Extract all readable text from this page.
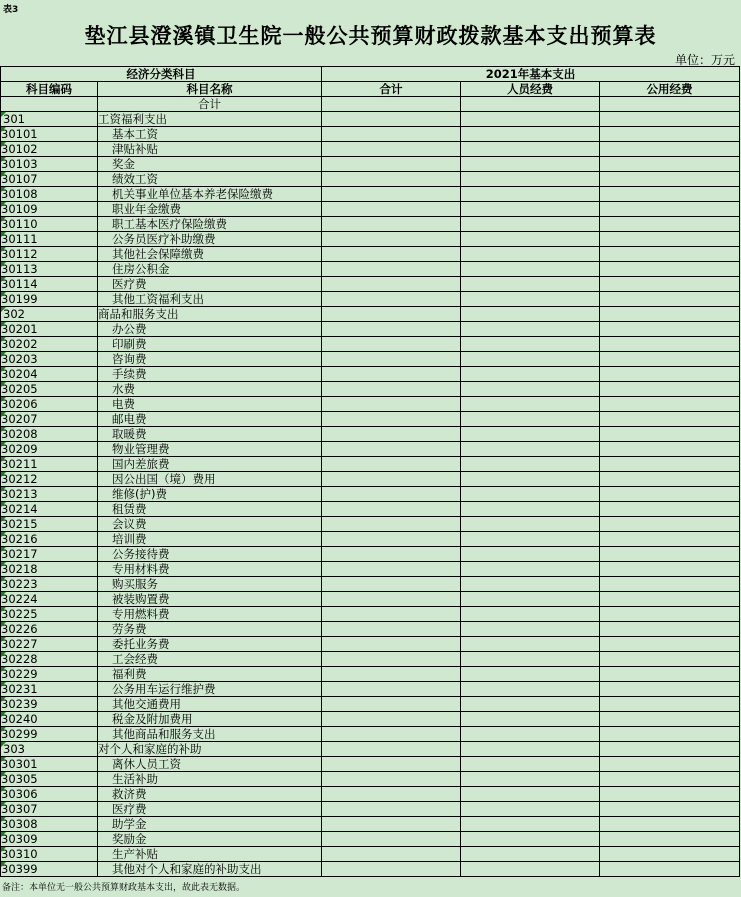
表3
垫江县澄溪镇卫生院一般公共预算财政拨款基本支出预算表
单位：万元
经济分类科目		2021年基本支出		
科目编码	科目名称	合计	人员经费	公用经费
	合计			
301	工资福利支出			
30101	基本工资			
30102	津贴补贴			
30103	奖金			
30107	绩效工资			
30108	机关事业单位基本养老保险缴费			
30109	职业年金缴费			
30110	职工基本医疗保险缴费			
30111	公务员医疗补助缴费			
30112	其他社会保障缴费			
30113	住房公积金			
30114	医疗费			
30199	其他工资福利支出			
302	商品和服务支出			
30201	办公费			
30202	印刷费			
30203	咨询费			
30204	手续费			
30205	水费			
30206	电费			
30207	邮电费			
30208	取暖费			
30209	物业管理费			
30211	国内差旅费			
30212	因公出国（境）费用			
30213	维修(护)费			
30214	租赁费			
30215	会议费			
30216	培训费			
30217	公务接待费			
30218	专用材料费			
30223	购买服务			
30224	被装购置费			
30225	专用燃料费			
30226	劳务费			
30227	委托业务费			
30228	工会经费			
30229	福利费			
30231	公务用车运行维护费			
30239	其他交通费用			
30240	税金及附加费用			
30299	其他商品和服务支出			
303	对个人和家庭的补助			
30301	离休人员工资			
30305	生活补助			
30306	救济费			
30307	医疗费			
30308	助学金			
30309	奖励金			
30310	生产补贴			
30399	其他对个人和家庭的补助支出			
备注：本单位无一般公共预算财政基本支出，故此表无数据。
